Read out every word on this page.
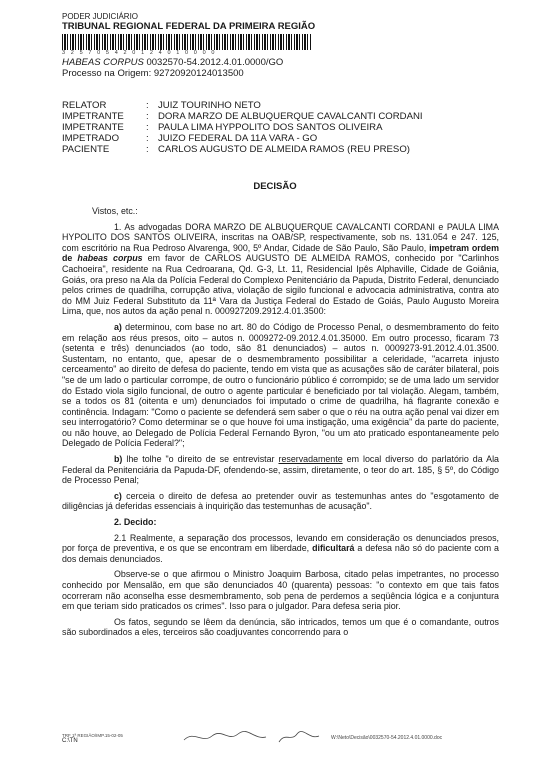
PODER JUDICIÁRIO
TRIBUNAL REGIONAL FEDERAL DA PRIMEIRA REGIÃO
3 2 5 7 0 5 4 2 0 1 2 4 0 1 0 0 0 0
HABEAS CORPUS 0032570-54.2012.4.01.0000/GO
Processo na Origem: 92720920124013500
RELATOR	: JUIZ TOURINHO NETO
IMPETRANTE	: DORA MARZO DE ALBUQUERQUE CAVALCANTI CORDANI
IMPETRANTE	: PAULA LIMA HYPPOLITO DOS SANTOS OLIVEIRA
IMPETRADO	: JUIZO FEDERAL DA 11A VARA - GO
PACIENTE	: CARLOS AUGUSTO DE ALMEIDA RAMOS (REU PRESO)
DECISÃO

Vistos, etc.:

1. As advogadas DORA MARZO DE ALBUQUERQUE CAVALCANTI CORDANI e PAULA LIMA HYPOLITO DOS SANTOS OLIVEIRA, inscritas na OAB/SP, respectivamente, sob ns. 131.054 e 247. 125, com escritório na Rua Pedroso Alvarenga, 900, 5º Andar, Cidade de São Paulo, São Paulo, impetram ordem de habeas corpus em favor de CARLOS AUGUSTO DE ALMEIDA RAMOS, conhecido por "Carlinhos Cachoeira", residente na Rua Cedroarana, Qd. G-3, Lt. 11, Residencial Ipês Alphaville, Cidade de Goiânia, Goiás, ora preso na Ala da Polícia Federal do Complexo Penitenciário da Papuda, Distrito Federal, denunciado pelos crimes de quadrilha, corrupção ativa, violação de sigilo funcional e advocacia administrativa, contra ato do MM Juiz Federal Substituto da 11ª Vara da Justiça Federal do Estado de Goiás, Paulo Augusto Moreira Lima, que, nos autos da ação penal n. 000927209.2912.4.01.3500:

a) determinou, com base no art. 80 do Código de Processo Penal, o desmembramento do feito em relação aos réus presos, oito – autos n. 0009272-09.2012.4.01.35000. Em outro processo, ficaram 73 (setenta e três) denunciados (ao todo, são 81 denunciados) – autos n. 0009273-91.2012.4.01.3500. Sustentam, no entanto, que, apesar de o desmembramento possibilitar a celeridade, "acarreta injusto cerceamento" ao direito de defesa do paciente, tendo em vista que as acusações são de caráter bilateral, pois "se de um lado o particular corrompe, de outro o funcionário público é corrompido; se de uma lado um servidor do Estado viola sigilo funcional, de outro o agente particular é beneficiado por tal violação. Alegam, também, se a todos os 81 (oitenta e um) denunciados foi imputado o crime de quadrilha, há flagrante conexão e continência. Indagam: "Como o paciente se defenderá sem saber o que o réu na outra ação penal vai dizer em seu interrogatório? Como determinar se o que houve foi uma instigação, uma exigência" da parte do paciente, ou não houve, ao Delegado de Polícia Federal Fernando Byron, "ou um ato praticado espontaneamente pelo Delegado de Polícia Federal?";

b) lhe tolhe "o direito de se entrevistar reservadamente em local diverso do parlatório da Ala Federal da Penitenciária da Papuda-DF, ofendendo-se, assim, diretamente, o teor do art. 185, § 5º, do Código de Processo Penal;

c) cerceia o direito de defesa ao pretender ouvir as testemunhas antes do "esgotamento de diligências já deferidas essenciais à inquirição das testemunhas de acusação".

2. Decido:

2.1 Realmente, a separação dos processos, levando em consideração os denunciados presos, por força de preventiva, e os que se encontram em liberdade, dificultará a defesa não só do paciente com a dos demais denunciados.

Observe-se o que afirmou o Ministro Joaquim Barbosa, citado pelas impetrantes, no processo conhecido por Mensalão, em que são denunciados 40 (quarenta) pessoas: "o contexto em que tais fatos ocorreram não aconselha esse desmembramento, sob pena de perdemos a seqüência lógica e a conjuntura em que teriam sido praticados os crimes". Isso para o julgador. Para defesa seria pior.

Os fatos, segundo se lêem da denúncia, são intricados, temos um que é o comandante, outros são subordinados a eles, terceiros são coadjuvantes concorrendo para o

TRF 1ª REGIÃO/IMP.15-02-05
C:\TN	W:\Neto\Decisão\0032570-54.2012.4.01.0000.doc
